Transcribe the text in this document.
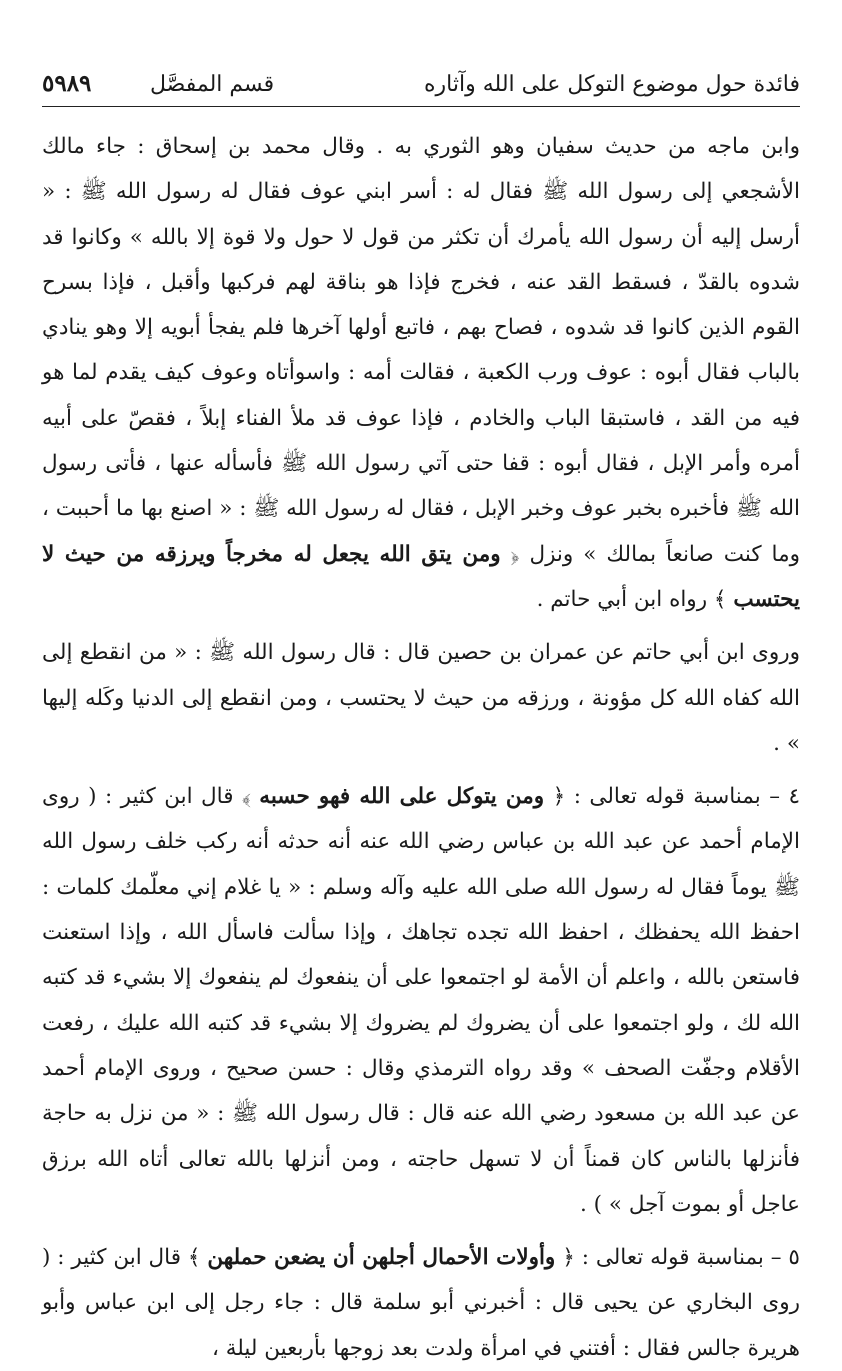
فائدة حول موضوع التوكل على الله وآثاره
قسم المفصَّل
٥٩٨٩

وابن ماجه من حديث سفيان وهو الثوري به . وقال محمد بن إسحاق : جاء مالك الأشجعي إلى رسول الله ﷺ فقال له : أسر ابني عوف فقال له رسول الله ﷺ : « أرسل إليه أن رسول الله يأمرك أن تكثر من قول لا حول ولا قوة إلا بالله » وكانوا قد شدوه بالقدّ ، فسقط القد عنه ، فخرج فإذا هو بناقة لهم فركبها وأقبل ، فإذا بسرح القوم الذين كانوا قد شدوه ، فصاح بهم ، فاتبع أولها آخرها فلم يفجأ أبويه إلا وهو ينادي بالباب فقال أبوه : عوف ورب الكعبة ، فقالت أمه : واسوأتاه وعوف كيف يقدم لما هو فيه من القد ، فاستبقا الباب والخادم ، فإذا عوف قد ملأ الفناء إبلاً ، فقصّ على أبيه أمره وأمر الإبل ، فقال أبوه : قفا حتى آتي رسول الله ﷺ فأسأله عنها ، فأتى رسول الله ﷺ فأخبره بخبر عوف وخبر الإبل ، فقال له رسول الله ﷺ : « اصنع بها ما أحببت ، وما كنت صانعاً بمالك » ونزل ﴿ ومن يتق الله يجعل له مخرجاً ويرزقه من حيث لا يحتسب ﴾ رواه ابن أبي حاتم .

وروى ابن أبي حاتم عن عمران بن حصين قال : قال رسول الله ﷺ : « من انقطع إلى الله كفاه الله كل مؤونة ، ورزقه من حيث لا يحتسب ، ومن انقطع إلى الدنيا وكَله إليها » .

٤ – بمناسبة قوله تعالى : ﴿ ومن يتوكل على الله فهو حسبه ﴾ قال ابن كثير : ( روى الإمام أحمد عن عبد الله بن عباس رضي الله عنه أنه حدثه أنه ركب خلف رسول الله ﷺ يوماً فقال له رسول الله صلى الله عليه وآله وسلم : « يا غلام إني معلّمك كلمات : احفظ الله يحفظك ، احفظ الله تجده تجاهك ، وإذا سألت فاسأل الله ، وإذا استعنت فاستعن بالله ، واعلم أن الأمة لو اجتمعوا على أن ينفعوك لم ينفعوك إلا بشيء قد كتبه الله لك ، ولو اجتمعوا على أن يضروك لم يضروك إلا بشيء قد كتبه الله عليك ، رفعت الأقلام وجفّت الصحف » وقد رواه الترمذي وقال : حسن صحيح ، وروى الإمام أحمد عن عبد الله بن مسعود رضي الله عنه قال : قال رسول الله ﷺ : « من نزل به حاجة فأنزلها بالناس كان قمناً أن لا تسهل حاجته ، ومن أنزلها بالله تعالى أتاه الله برزق عاجل أو بموت آجل » ) .

٥ – بمناسبة قوله تعالى : ﴿ وأولات الأحمال أجلهن أن يضعن حملهن ﴾ قال ابن كثير : ( روى البخاري عن يحيى قال : أخبرني أبو سلمة قال : جاء رجل إلى ابن عباس وأبو هريرة جالس فقال : أفتني في امرأة ولدت بعد زوجها بأربعين ليلة ،
